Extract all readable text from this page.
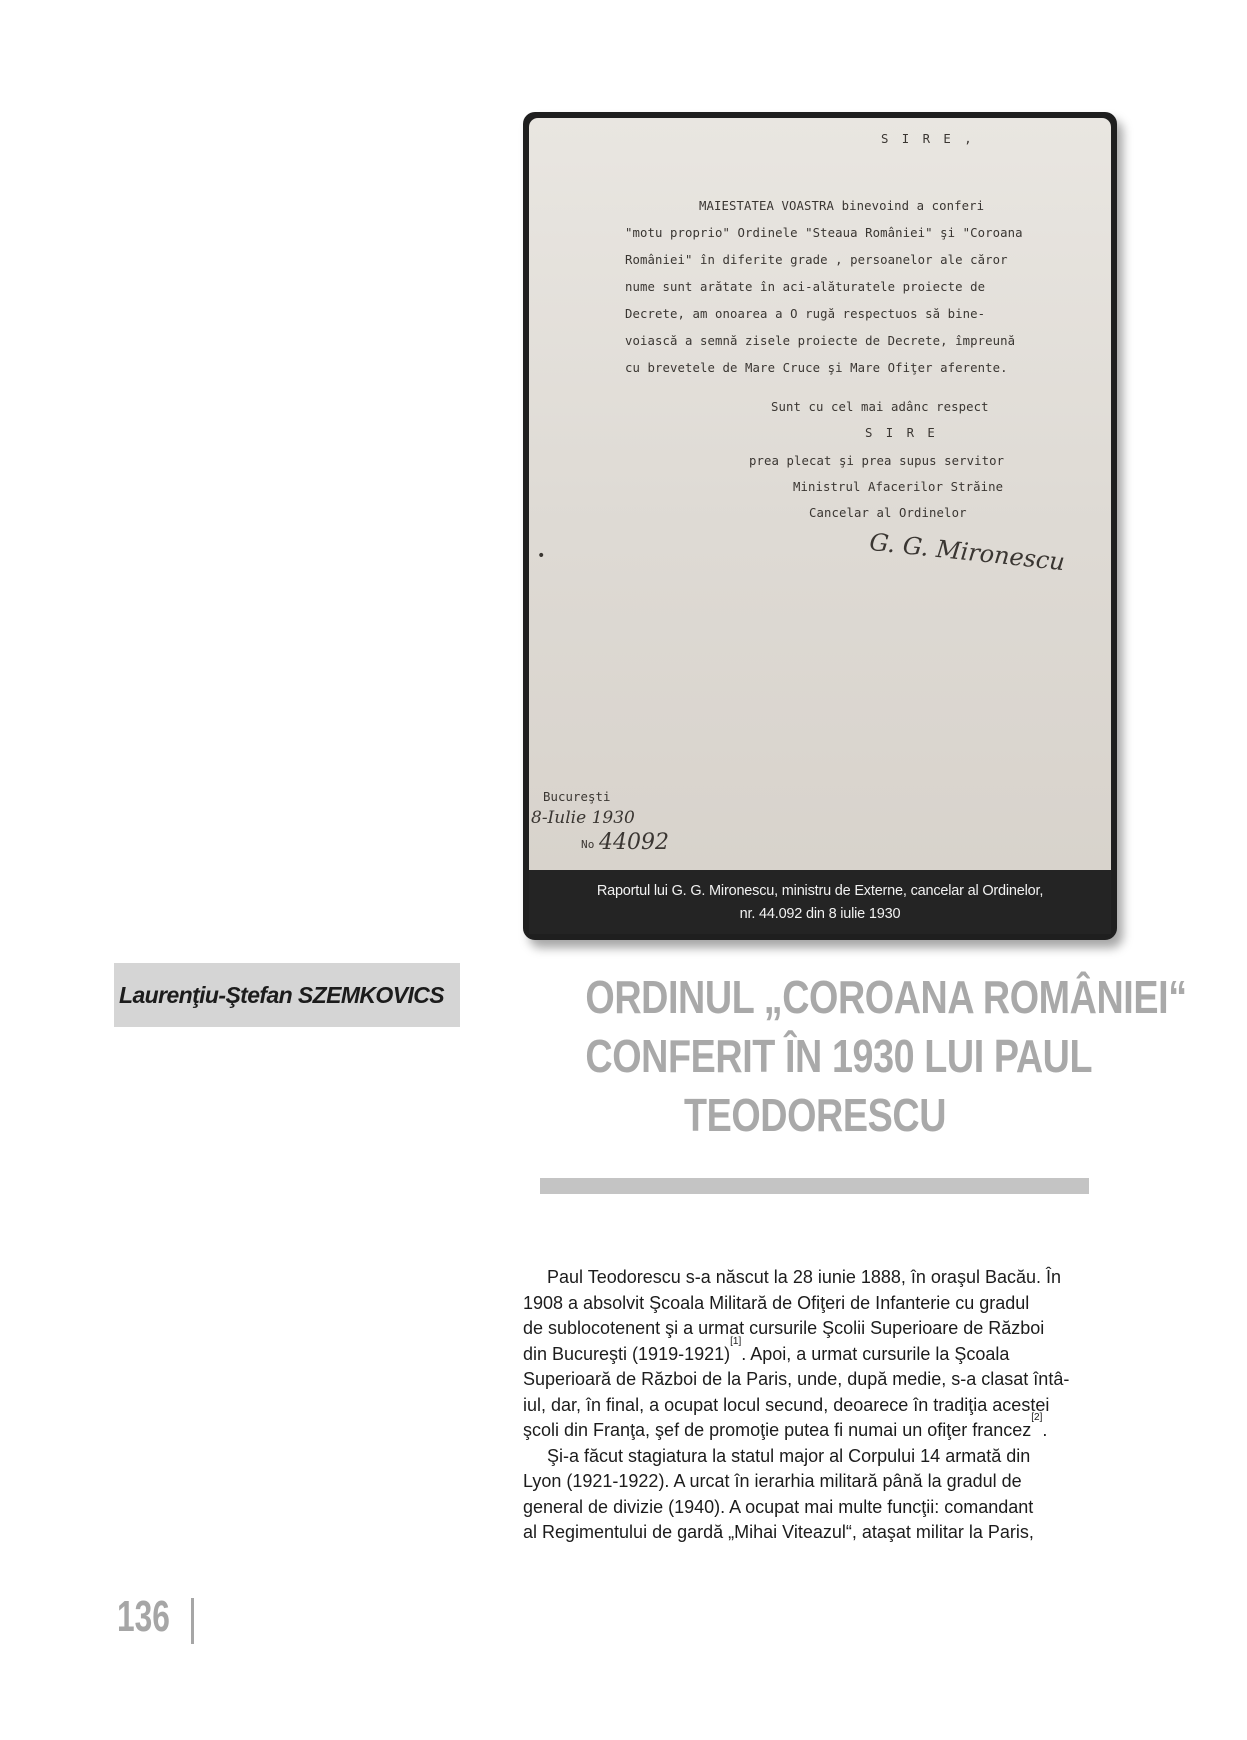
S I R E ,
MAIESTATEA VOASTRA binevoind a conferi
"motu proprio" Ordinele "Steaua României" şi "Coroana
României" în diferite grade , persoanelor ale căror
nume sunt arătate în aci-alăturatele proiecte de
Decrete, am onoarea a O rugă respectuos să bine-
voiască a semnă zisele proiecte de Decrete, împreună
cu brevetele de Mare Cruce şi Mare Ofiţer aferente.
Sunt cu cel mai adânc respect
S I R E
prea plecat şi prea supus servitor
Ministrul Afacerilor Străine
Cancelar al Ordinelor
G. G. Mironescu
•
Bucureşti
8-Iulie 1930
No 44092
Raportul lui G. G. Mironescu, ministru de Externe, cancelar al Ordinelor,
nr. 44.092 din 8 iulie 1930
Laurenţiu-Ştefan SZEMKOVICS	ORDINUL „COROANA ROMÂNIEI“
CONFERIT ÎN 1930 LUI PAUL
TEODORESCU
Paul Teodorescu s-a născut la 28 iunie 1888, în oraşul Bacău. În
1908 a absolvit Şcoala Militară de Ofiţeri de Infanterie cu gradul
de sublocotenent şi a urmat cursurile Şcolii Superioare de Război
din Bucureşti (1919-1921)
[1]
. Apoi, a urmat cursurile la Şcoala
Superioară de Război de la Paris, unde, după medie, s-a clasat întâ-
iul, dar, în final, a ocupat locul secund, deoarece în tradiţia acestei
şcoli din Franţa, şef de promoţie putea fi numai un ofiţer francez
[2]
.
Şi-a făcut stagiatura la statul major al Corpului 14 armată din
Lyon (1921-1922). A urcat în ierarhia militară până la gradul de
general de divizie (1940). A ocupat mai multe funcţii: comandant
al Regimentului de gardă „Mihai Viteazul“, ataşat militar la Paris,
136
